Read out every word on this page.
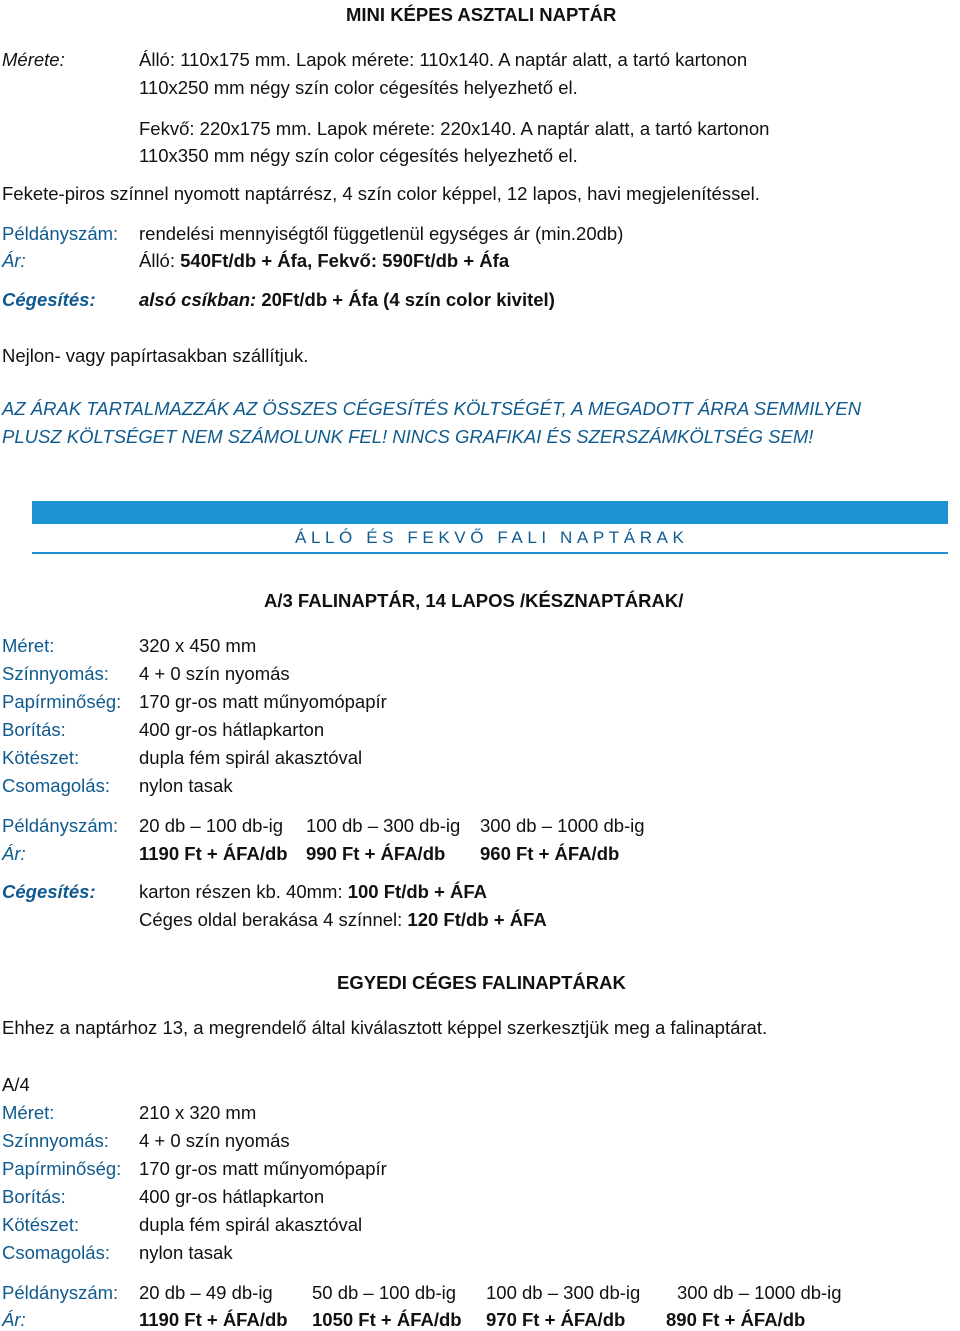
MINI KÉPES ASZTALI NAPTÁR
Mérete:	Álló: 110x175 mm. Lapok mérete: 110x140. A naptár alatt, a tartó kartonon
110x250 mm négy szín color cégesítés helyezhető el.
Fekvő: 220x175 mm. Lapok mérete: 220x140. A naptár alatt, a tartó kartonon
110x350 mm négy szín color cégesítés helyezhető el.
Fekete-piros színnel nyomott naptárrész, 4 szín color képpel, 12 lapos, havi megjelenítéssel.
Példányszám: rendelési mennyiségtől függetlenül egységes ár (min.20db)
Ár:	Álló: 540Ft/db + Áfa, Fekvő: 590Ft/db + Áfa
Cégesítés: alsó csíkban: 20Ft/db + Áfa (4 szín color kivitel)
Nejlon- vagy papírtasakban szállítjuk.
AZ ÁRAK TARTALMAZZÁK AZ ÖSSZES CÉGESÍTÉS KÖLTSÉGÉT, A MEGADOTT ÁRRA SEMMILYEN
PLUSZ KÖLTSÉGET NEM SZÁMOLUNK FEL! NINCS GRAFIKAI ÉS SZERSZÁMKÖLTSÉG SEM!
ÁLLÓ ÉS FEKVŐ FALI NAPTÁRAK
A/3 FALINAPTÁR, 14 LAPOS /KÉSZNAPTÁRAK/
Méret:	320 x 450 mm
Színnyomás: 4 + 0 szín nyomás
Papírminőség: 170 gr-os matt műnyomópapír
Borítás:	400 gr-os hátlapkarton
Kötészet:	dupla fém spirál akasztóval
Csomagolás: nylon tasak
Példányszám: 20 db – 100 db-ig 100 db – 300 db-ig 300 db – 1000 db-ig
Ár:	1190 Ft + ÁFA/db 990 Ft + ÁFA/db 960 Ft + ÁFA/db
Cégesítés: karton részen kb. 40mm: 100 Ft/db + ÁFA
Céges oldal berakása 4 színnel: 120 Ft/db + ÁFA
EGYEDI CÉGES FALINAPTÁRAK
Ehhez a naptárhoz 13, a megrendelő által kiválasztott képpel szerkesztjük meg a falinaptárat.
A/4
Méret:	210 x 320 mm
Színnyomás: 4 + 0 szín nyomás
Papírminőség: 170 gr-os matt műnyomópapír
Borítás:	400 gr-os hátlapkarton
Kötészet:	dupla fém spirál akasztóval
Csomagolás: nylon tasak
Példányszám: 20 db – 49 db-ig 50 db – 100 db-ig 100 db – 300 db-ig 300 db – 1000 db-ig
Ár:	1190 Ft + ÁFA/db 1050 Ft + ÁFA/db 970 Ft + ÁFA/db 890 Ft + ÁFA/db
